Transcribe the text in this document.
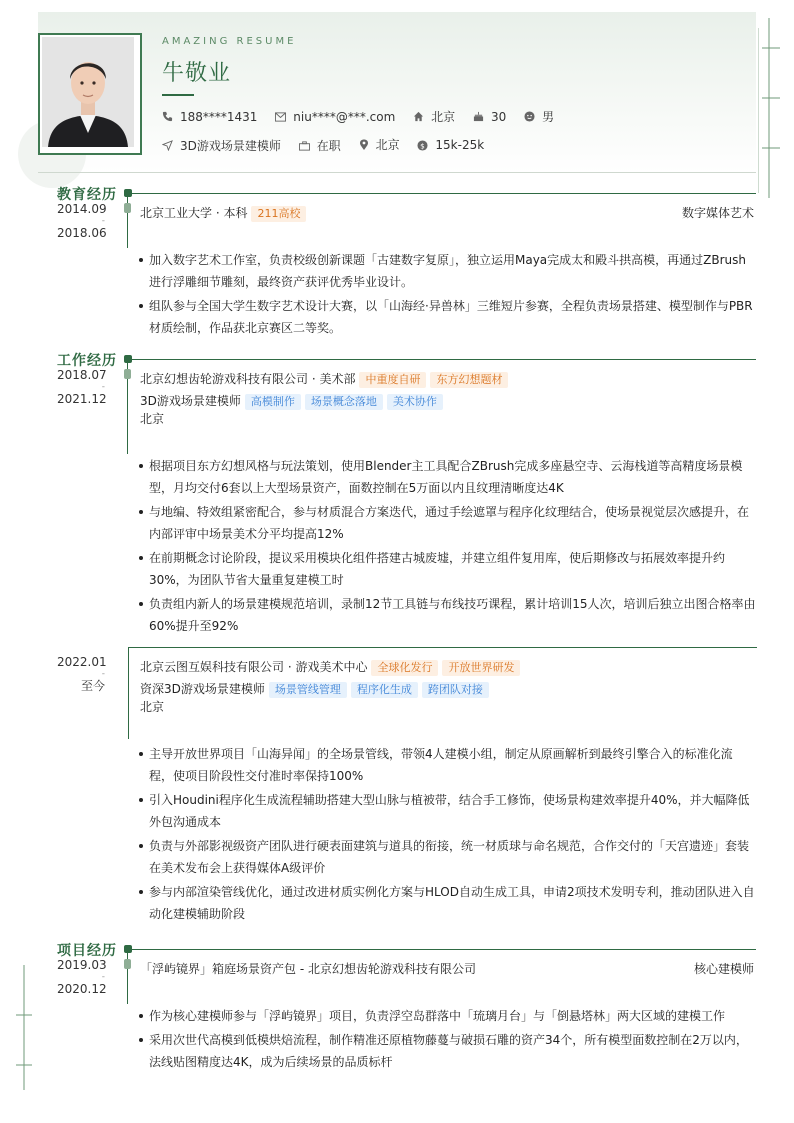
AMAZING RESUME
牛敬业
188****1431
	niu****@***.com
	北京
	30
	男
3D游戏场景建模师
	在职
	北京
	$ 15k-25k
教育经历
2014.09
-
2018.06
北京工业大学 · 本科 211高校	数字媒体艺术
加入数字艺术工作室，负责校级创新课题「古建数字复原」，独立运用Maya完成太和殿斗拱高模，再通过ZBrush进行浮雕细节雕刻，最终资产获评优秀毕业设计。
组队参与全国大学生数字艺术设计大赛，以「山海经·异兽林」三维短片参赛，全程负责场景搭建、模型制作与PBR材质绘制，作品获北京赛区二等奖。
工作经历
2018.07
-
2021.12
北京幻想齿轮游戏科技有限公司 · 美术部 中重度自研 东方幻想题材
3D游戏场景建模师 高模制作 场景概念落地 美术协作
北京
根据项目东方幻想风格与玩法策划，使用Blender主工具配合ZBrush完成多座悬空寺、云海栈道等高精度场景模型，月均交付6套以上大型场景资产，面数控制在5万面以内且纹理清晰度达4K
与地编、特效组紧密配合，参与材质混合方案迭代，通过手绘遮罩与程序化纹理结合，使场景视觉层次感提升，在内部评审中场景美术分平均提高12%
在前期概念讨论阶段，提议采用模块化组件搭建古城废墟，并建立组件复用库，使后期修改与拓展效率提升约30%，为团队节省大量重复建模工时
负责组内新人的场景建模规范培训，录制12节工具链与布线技巧课程，累计培训15人次，培训后独立出图合格率由60%提升至92%
2022.01
-
至今
北京云图互娱科技有限公司 · 游戏美术中心 全球化发行 开放世界研发
资深3D游戏场景建模师 场景管线管理 程序化生成 跨团队对接
北京
主导开放世界项目「山海异闻」的全场景管线，带领4人建模小组，制定从原画解析到最终引擎合入的标准化流程，使项目阶段性交付准时率保持100%
引入Houdini程序化生成流程辅助搭建大型山脉与植被带，结合手工修饰，使场景构建效率提升40%，并大幅降低外包沟通成本
负责与外部影视级资产团队进行硬表面建筑与道具的衔接，统一材质球与命名规范，合作交付的「天宫遗迹」套装在美术发布会上获得媒体A级评价
参与内部渲染管线优化，通过改进材质实例化方案与HLOD自动生成工具，申请2项技术发明专利，推动团队进入自动化建模辅助阶段
项目经历
2019.03
-
2020.12
「浮屿镜界」箱庭场景资产包 - 北京幻想齿轮游戏科技有限公司	核心建模师
作为核心建模师参与「浮屿镜界」项目，负责浮空岛群落中「琉璃月台」与「倒悬塔林」两大区域的建模工作
采用次世代高模到低模烘焙流程，制作精准还原植物藤蔓与破损石雕的资产34个，所有模型面数控制在2万以内，法线贴图精度达4K，成为后续场景的品质标杆
